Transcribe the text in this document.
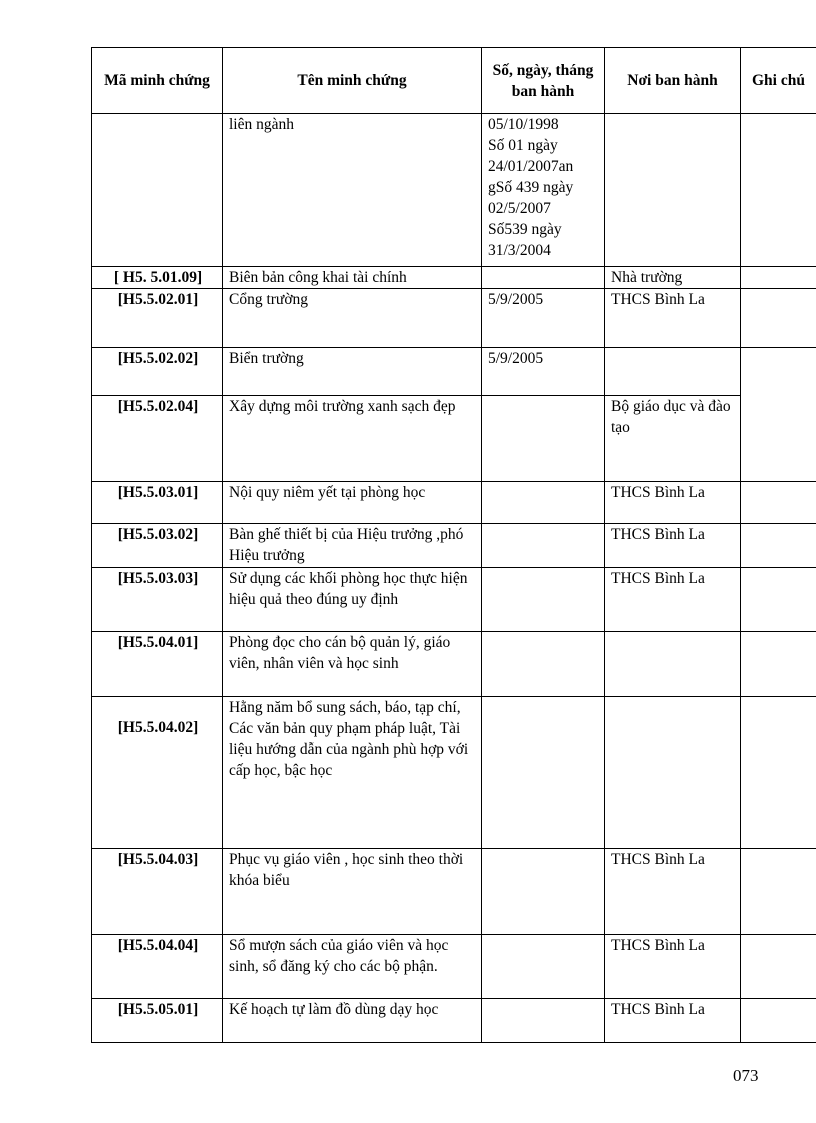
Mã minh chứng	Tên minh chứng	Số, ngày, tháng ban hành	Nơi ban hành	Ghi chú
	liên ngành	05/10/1998
Số 01 ngày 24/01/2007an gSố 439 ngày 02/5/2007
Số539 ngày 31/3/2004		
[ H5. 5.01.09]	Biên bản công khai tài chính		Nhà trường	
[H5.5.02.01]	Cổng trường	5/9/2005	THCS Bình La	
[H5.5.02.02]	Biển trường	5/9/2005		
[H5.5.02.04]	Xây dựng môi trường xanh sạch đẹp		Bộ giáo dục và đào tạo	
[H5.5.03.01]	Nội quy niêm yết tại phòng học		THCS Bình La	
[H5.5.03.02]	Bàn ghế thiết bị của Hiệu trưởng ,phó Hiệu trưởng		THCS Bình La	
[H5.5.03.03]	Sử dụng các khối phòng học thực hiện hiệu quả theo đúng uy định		THCS Bình La	
[H5.5.04.01]	Phòng đọc cho cán bộ quản lý, giáo viên, nhân viên và học sinh			
[H5.5.04.02]	Hằng năm bổ sung sách, báo, tạp chí, Các văn bản quy phạm pháp luật, Tài liệu hướng dẫn của ngành phù hợp với cấp học, bậc học			
[H5.5.04.03]	Phục vụ giáo viên , học sinh theo thời khóa biểu		THCS Bình La	
[H5.5.04.04]	Sổ mượn sách của giáo viên và học sinh, sổ đăng ký cho các bộ phận.		THCS Bình La	
[H5.5.05.01]	Kế hoạch tự làm đồ dùng dạy học		THCS Bình La	
073
